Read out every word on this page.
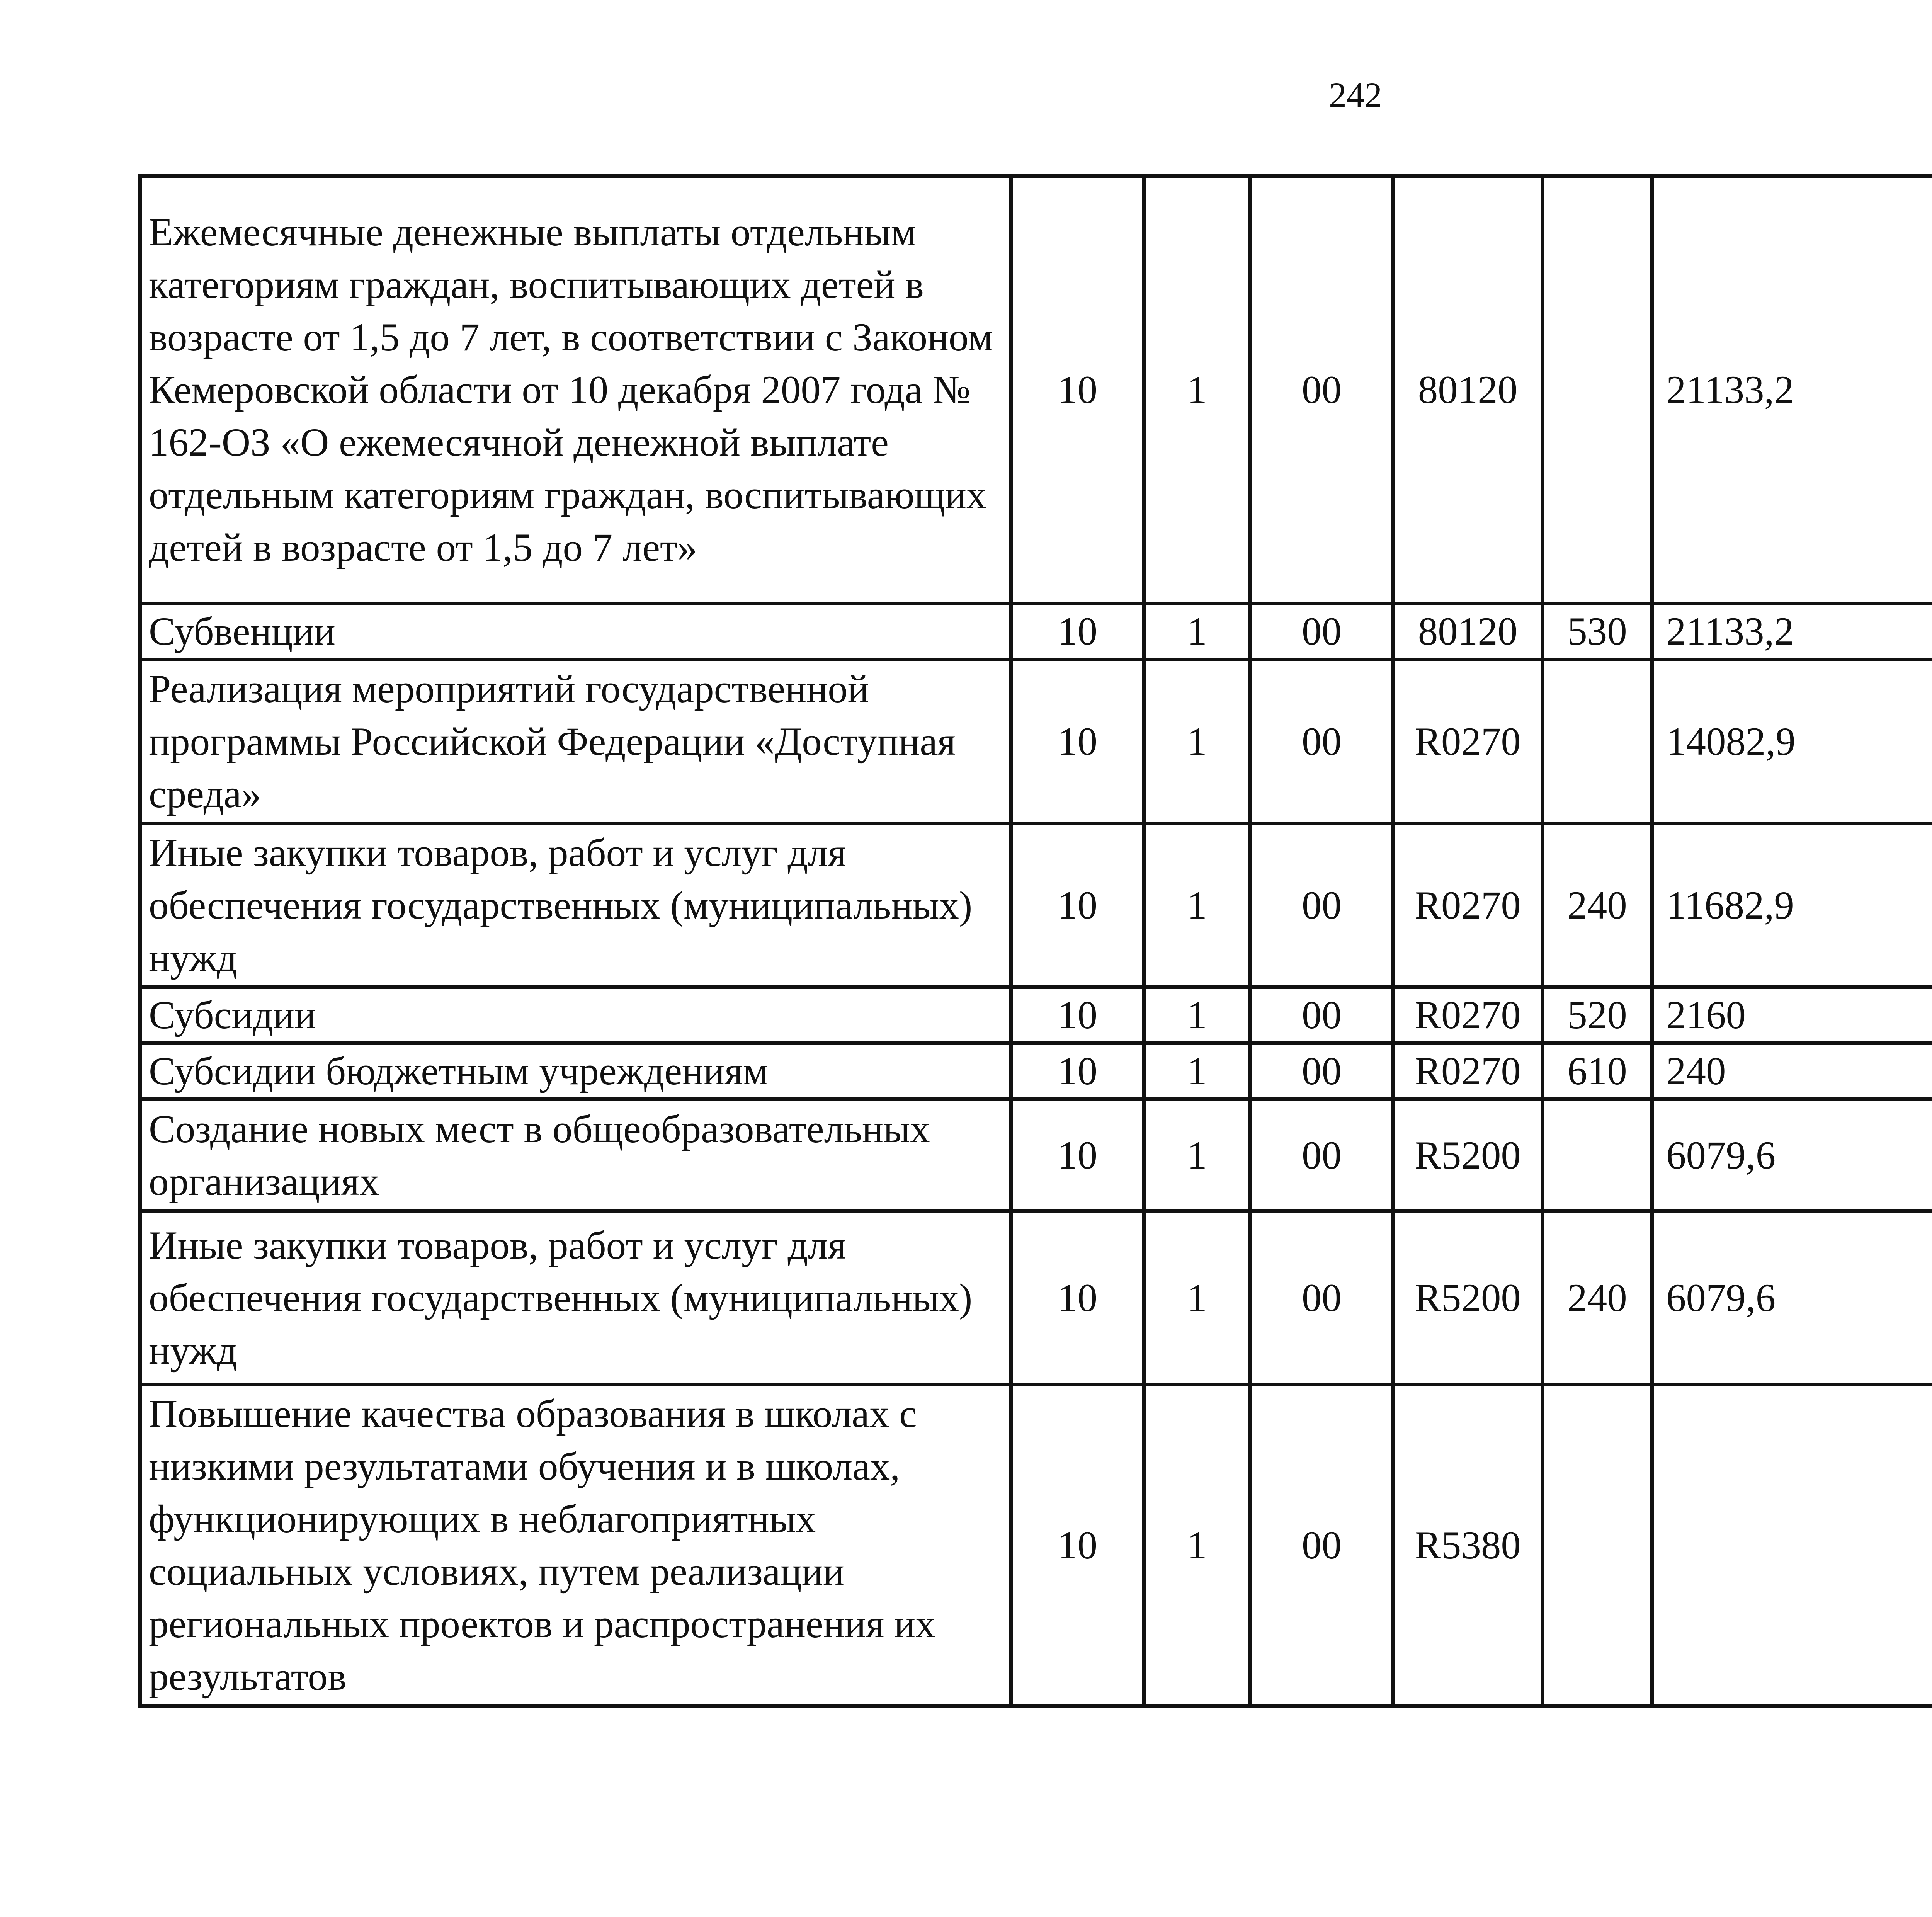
242
Ежемесячные денежные выплаты отдельным категориям граждан, воспитывающих детей в возрасте от 1,5 до 7 лет, в соответствии с Законом Кемеровской области от 10 декабря 2007 года № 162-ОЗ «О ежемесячной денежной выплате отдельным категориям граждан, воспитывающих детей в возрасте от 1,5 до 7 лет»	10	1	00	80120		21133,2		
Субвенции	10	1	00	80120	530	21133,2		
Реализация мероприятий государственной программы Российской Федерации «Доступная среда»	10	1	00	R0270		14082,9		
Иные закупки товаров, работ и услуг для обеспечения государственных (муниципальных) нужд	10	1	00	R0270	240	11682,9		
Субсидии	10	1	00	R0270	520	2160		
Субсидии бюджетным учреждениям	10	1	00	R0270	610	240		
Создание новых мест в общеобразовательных организациях	10	1	00	R5200		6079,6		
Иные закупки товаров, работ и услуг для обеспечения государственных (муниципальных) нужд	10	1	00	R5200	240	6079,6		
Повышение качества образования в школах с низкими результатами обучения и в школах, функционирующих в неблагоприятных социальных условиях, путем реализации региональных проектов и распространения их результатов	10	1	00	R5380				
